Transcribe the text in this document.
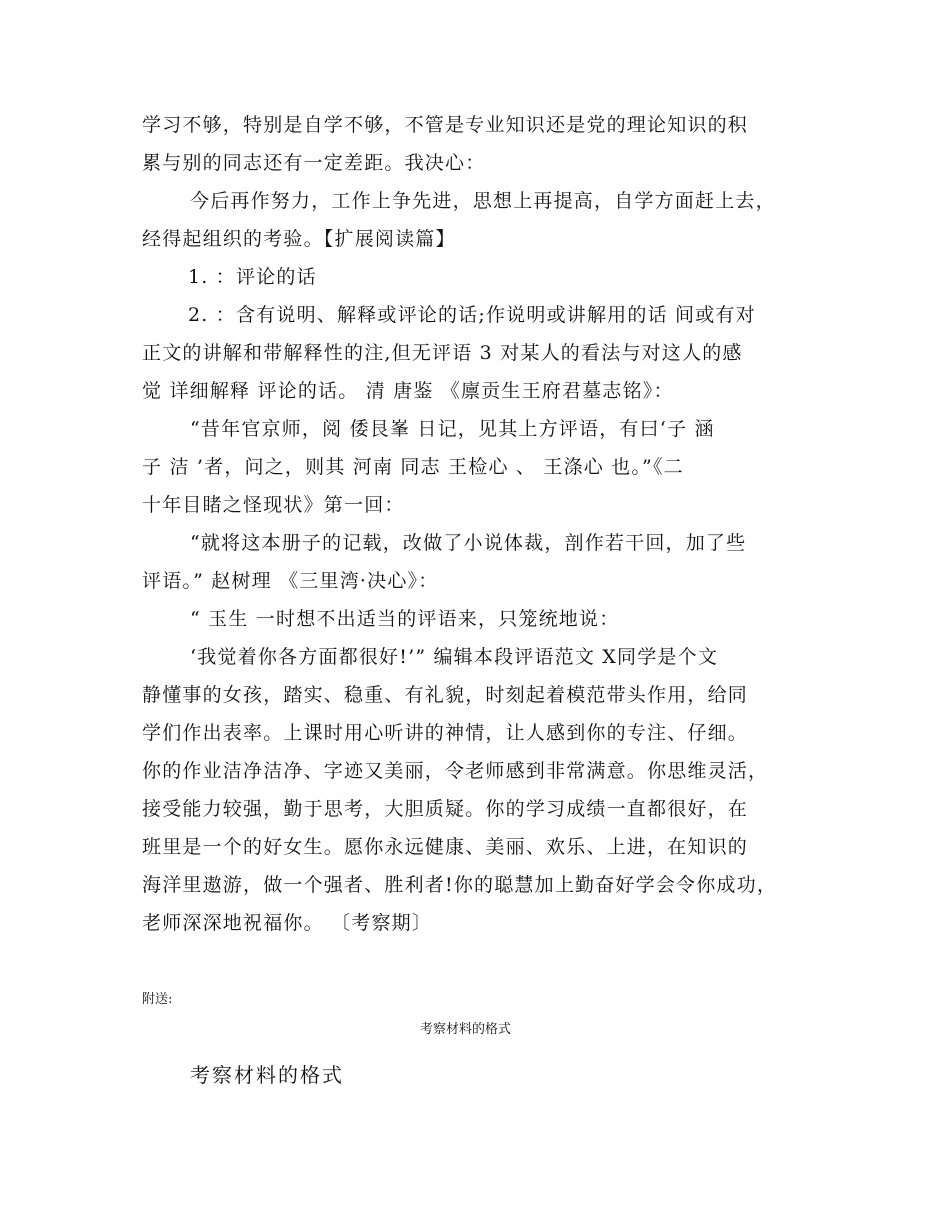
学习不够，特别是自学不够，不管是专业知识还是党的理论知识的积
累与别的同志还有一定差距。我决心：
今后再作努力，工作上争先进，思想上再提高，自学方面赶上去，
经得起组织的考验。【扩展阅读篇】
1. ：评论的话
2. ：含有说明、解释或评论的话;作说明或讲解用的话 间或有对
正文的讲解和带解释性的注,但无评语 3 对某人的看法与对这人的感
觉 详细解释 评论的话。 清 唐鉴 《廪贡生王府君墓志铭》：
“昔年官京师，阅 倭艮峯 日记，见其上方评语，有曰‘子 涵
子 洁 ’者，问之，则其 河南 同志 王检心 、 王涤心 也。”《二
十年目睹之怪现状》第一回：
“就将这本册子的记载，改做了小说体裁，剖作若干回，加了些
评语。” 赵树理 《三里湾·决心》：
“ 玉生 一时想不出适当的评语来，只笼统地说：
‘我觉着你各方面都很好!’” 编辑本段评语范文 X同学是个文
静懂事的女孩，踏实、稳重、有礼貌，时刻起着模范带头作用，给同
学们作出表率。上课时用心听讲的神情，让人感到你的专注、仔细。
你的作业洁净洁净、字迹又美丽，令老师感到非常满意。你思维灵活，
接受能力较强，勤于思考，大胆质疑。你的学习成绩一直都很好，在
班里是一个的好女生。愿你永远健康、美丽、欢乐、上进，在知识的
海洋里遨游，做一个强者、胜利者!你的聪慧加上勤奋好学会令你成功，
老师深深地祝福你。 〔考察期〕
附送:
考察材料的格式
考察材料的格式
